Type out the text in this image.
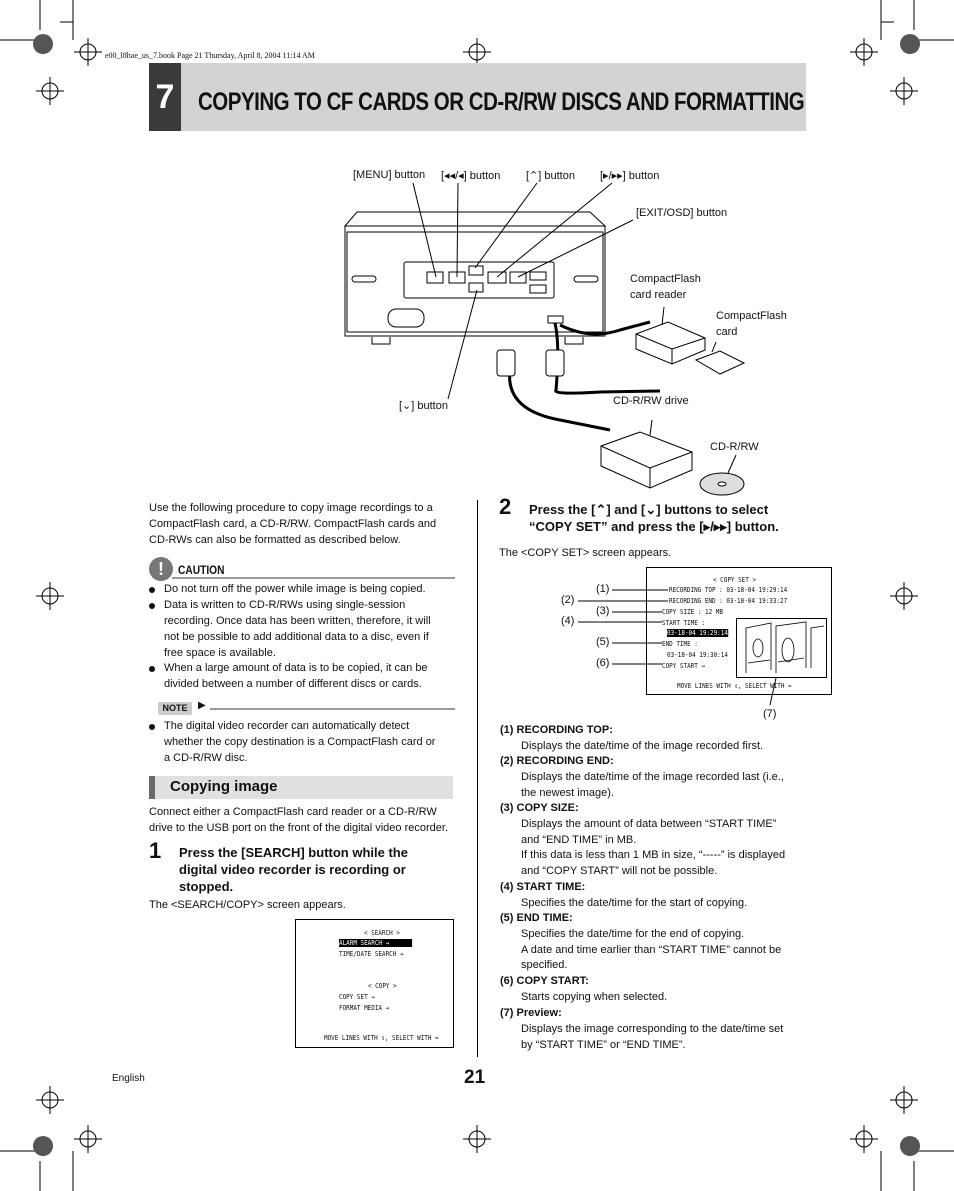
e00_l8hae_us_7.book Page 21 Thursday, April 8, 2004 11:14 AM
7 COPYING TO CF CARDS OR CD-R/RW DISCS AND FORMATTING
[MENU] button [◂◂/◂] button [⌃] button [▸/▸▸] button
[EXIT/OSD] button
CompactFlash
card reader
CompactFlash
card
[⌄] button	CD-R/RW drive
CD-R/RW
Use the following procedure to copy image recordings to a
CompactFlash card, a CD-R/RW. CompactFlash cards and
CD-RWs can also be formatted as described below.
!	CAUTION
Do not turn off the power while image is being copied.
Data is written to CD-R/RWs using single-session
recording. Once data has been written, therefore, it will
not be possible to add additional data to a disc, even if
free space is available.
When a large amount of data is to be copied, it can be
divided between a number of different discs or cards.
NOTE	▶
The digital video recorder can automatically detect
whether the copy destination is a CompactFlash card or
a CD-R/RW disc.
Copying image
Connect either a CompactFlash card reader or a CD-R/RW
drive to the USB port on the front of the digital video recorder.
1 Press the [SEARCH] button while the
digital video recorder is recording or
stopped.
The <SEARCH/COPY> screen appears.
< SEARCH >
ALARM SEARCH →
TIME/DATE SEARCH →
< COPY >
COPY SET →
FORMAT MEDIA →
MOVE LINES WITH ⇕, SELECT WITH ⇔
2 Press the [⌃] and [⌄] buttons to select
“COPY SET” and press the [▸/▸▸] button.
The <COPY SET> screen appears.
< COPY SET >
RECORDING TOP : 03-18-04 19:29:14
RECORDING END : 03-18-04 19:33:27
COPY SIZE : 12 MB
START TIME :
03-18-04 19:29:14
END TIME :
03-18-04 19:30:14
COPY START →
MOVE LINES WITH ⇕, SELECT WITH ⇔
(1)
(2)
(3)
(4)
(5)
(6)
(7)
(1) RECORDING TOP:
Displays the date/time of the image recorded first.
(2) RECORDING END:
Displays the date/time of the image recorded last (i.e.,
the newest image).
(3) COPY SIZE:
Displays the amount of data between “START TIME”
and “END TIME” in MB.
If this data is less than 1 MB in size, “-----” is displayed
and “COPY START” will not be possible.
(4) START TIME:
Specifies the date/time for the start of copying.
(5) END TIME:
Specifies the date/time for the end of copying.
A date and time earlier than “START TIME” cannot be
specified.
(6) COPY START:
Starts copying when selected.
(7) Preview:
Displays the image corresponding to the date/time set
by “START TIME” or “END TIME”.
English	21
